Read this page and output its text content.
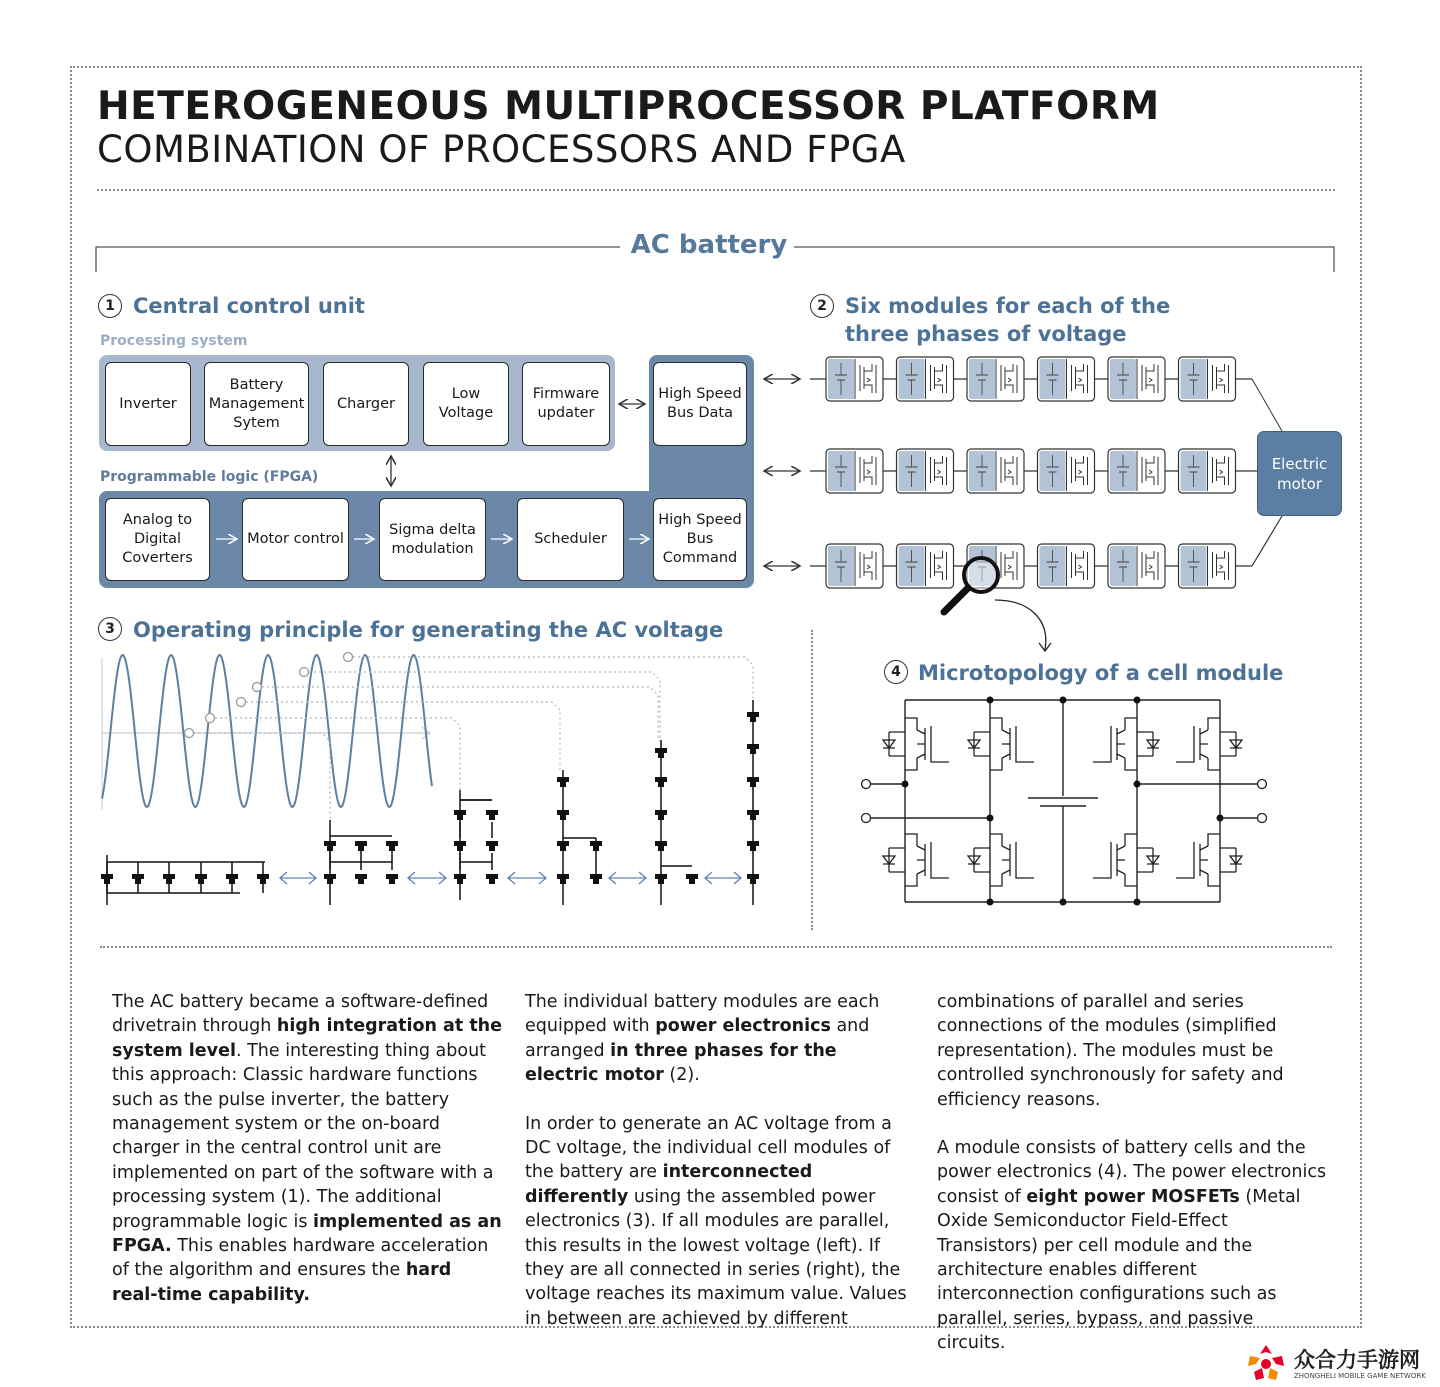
HETEROGENEOUS MULTIPROCESSOR PLATFORM
COMBINATION OF PROCESSORS AND FPGA
AC battery
1 Central control unit
Processing system
Inverter
Battery Management Sytem
Charger
Low Voltage
Firmware updater
High Speed Bus Data
Programmable logic (FPGA)
Analog to Digital Coverters
Motor control
Sigma delta modulation
Scheduler
High Speed Bus Command
2 Six modules for each of the three phases of voltage
Electric motor
3 Operating principle for generating the AC voltage
4 Microtopology of a cell module

The AC battery became a software-defined drivetrain through high integration at the system level. The interesting thing about this approach: Classic hardware functions such as the pulse inverter, the battery management system or the on-board charger in the central control unit are implemented on part of the software with a processing system (1). The additional programmable logic is implemented as an FPGA. This enables hardware acceleration of the algorithm and ensures the hard real-time capability.

The individual battery modules are each equipped with power electronics and arranged in three phases for the electric motor (2).

In order to generate an AC voltage from a DC voltage, the individual cell modules of the battery are interconnected differently using the assembled power electronics (3). If all modules are parallel, this results in the lowest voltage (left). If they are all connected in series (right), the voltage reaches its maximum value. Values in between are achieved by different

combinations of parallel and series connections of the modules (simplified representation). The modules must be controlled synchronously for safety and efficiency reasons.

A module consists of battery cells and the power electronics (4). The power electronics consist of eight power MOSFETs (Metal Oxide Semiconductor Field-Effect Transistors) per cell module and the architecture enables different interconnection configurations such as parallel, series, bypass, and passive circuits.

众合力手游网
ZHONGHELI MOBILE GAME NETWORK
